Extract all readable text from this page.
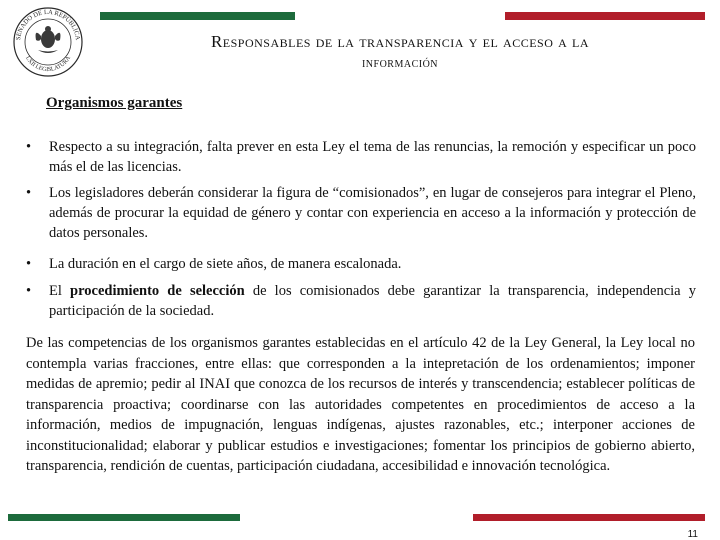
SENADO DE LA REPÚBLICA
LXII LEGISLATURA
Responsables de la transparencia y el acceso a la
información
Organismos garantes
• Respecto a su integración, falta prever en esta Ley el tema de las renuncias, la remoción y especificar un poco más el de las licencias.
• Los legisladores deberán considerar la figura de “comisionados”, en lugar de consejeros para integrar el Pleno, además de procurar la equidad de género y contar con experiencia en acceso a la información y protección de datos personales.
• La duración en el cargo de siete años, de manera escalonada.
• El procedimiento de selección de los comisionados debe garantizar la transparencia, independencia y participación de la sociedad.
De las competencias de los organismos garantes establecidas en el artículo 42 de la Ley General, la Ley local no contempla varias fracciones, entre ellas: que corresponden a la intepretación de los ordenamientos; imponer medidas de apremio; pedir al INAI que conozca de los recursos de interés y transcendencia; establecer políticas de transparencia proactiva; coordinarse con las autoridades competentes en procedimientos de acceso a la información, medios de impugnación, lenguas indígenas, ajustes razonables, etc.; interponer acciones de inconstitucionalidad; elaborar y publicar estudios e investigaciones; fomentar los principios de gobierno abierto, transparencia, rendición de cuentas, participación ciudadana, accesibilidad e innovación tecnológica.
11
